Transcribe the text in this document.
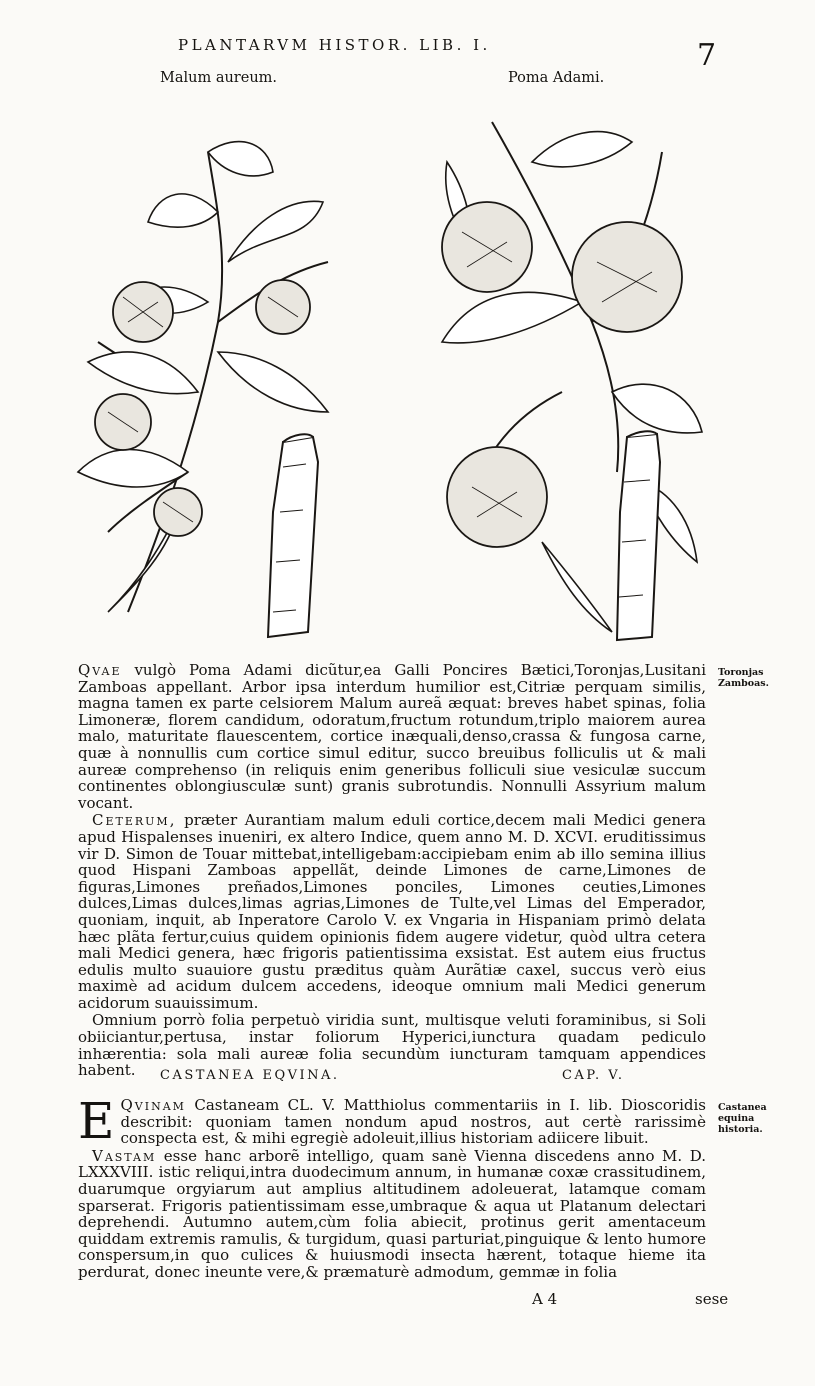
PLANTARVM HISTOR. LIB. I.	7
Malum aureum.	Poma Adami.
Toronjas Zamboas.

Qvae vulgò Poma Adami dicũtur,ea Galli Poncires Bætici,Toronjas,Lusitani Zamboas appellant. Arbor ipsa interdum humilior est,Citriæ perquam similis, magna tamen ex parte celsiorem Malum aureã æquat: breves habet spinas, folia Limoneræ, florem candidum, odoratum,fructum rotundum,triplo maiorem aurea malo, maturitate flauescentem, cortice inæquali,denso,crassa & fungosa carne, quæ à nonnullis cum cortice simul editur, succo breuibus folliculis ut & mali aureæ comprehenso (in reliquis enim generibus folliculi siue vesiculæ succum continentes oblongiusculæ sunt) granis subrotundis. Nonnulli Assyrium malum vocant.

Ceterum, præter Aurantiam malum eduli cortice,decem mali Medici genera apud Hispalenses inueniri, ex altero Indice, quem anno M. D. XCVI. eruditissimus vir D. Simon de Touar mittebat,intelligebam:accipiebam enim ab illo semina illius quod Hispani Zamboas appellãt, deinde Limones de carne,Limones de figuras,Limones preñados,Limones ponciles, Limones ceuties,Limones dulces,Limas dulces,limas agrias,Limones de Tulte,vel Limas del Emperador, quoniam, inquit, ab Inperatore Carolo V. ex Vngaria in Hispaniam primò delata hæc plãta fertur,cuius quidem opinionis fidem augere videtur, quòd ultra cetera mali Medici genera, hæc frigoris patientissima exsistat. Est autem eius fructus edulis multo suauiore gustu præditus quàm Aurãtiæ caxel, succus verò eius maximè ad acidum dulcem accedens, ideoque omnium mali Medici generum acidorum suauissimum.

Omnium porrò folia perpetuò viridia sunt, multisque veluti foraminibus, si Soli obiiciantur,pertusa, instar foliorum Hyperici,iunctura quadam pediculo inhærentia: sola mali aureæ folia secundùm iuncturam tamquam appendices habent.	CASTANEA EQVINA.	CAP. V.
Castanea equina historia.

E Qvinam Castaneam CL. V. Matthiolus commentariis in I. lib. Dioscoridis describit: quoniam tamen nondum apud nostros, aut certè rarissimè conspecta est, & mihi egregiè adoleuit,illius historiam adiicere libuit.

Vastam esse hanc arborẽ intelligo, quam sanè Vienna discedens anno M. D. LXXXVIII. istic reliqui,intra duodecimum annum, in humanæ coxæ crassitudinem, duarumque orgyiarum aut amplius altitudinem adoleuerat, latamque comam sparserat. Frigoris patientissimam esse,umbraque & aqua ut Platanum delectari deprehendi. Autumno autem,cùm folia abiecit, protinus gerit amentaceum quiddam extremis ramulis, & turgidum, quasi parturiat,pinguique & lento humore conspersum,in quo culices & huiusmodi insecta hærent, totaque hieme ita perdurat, donec ineunte vere,& præmaturè admodum, gemmæ in folia

A 4	sese
